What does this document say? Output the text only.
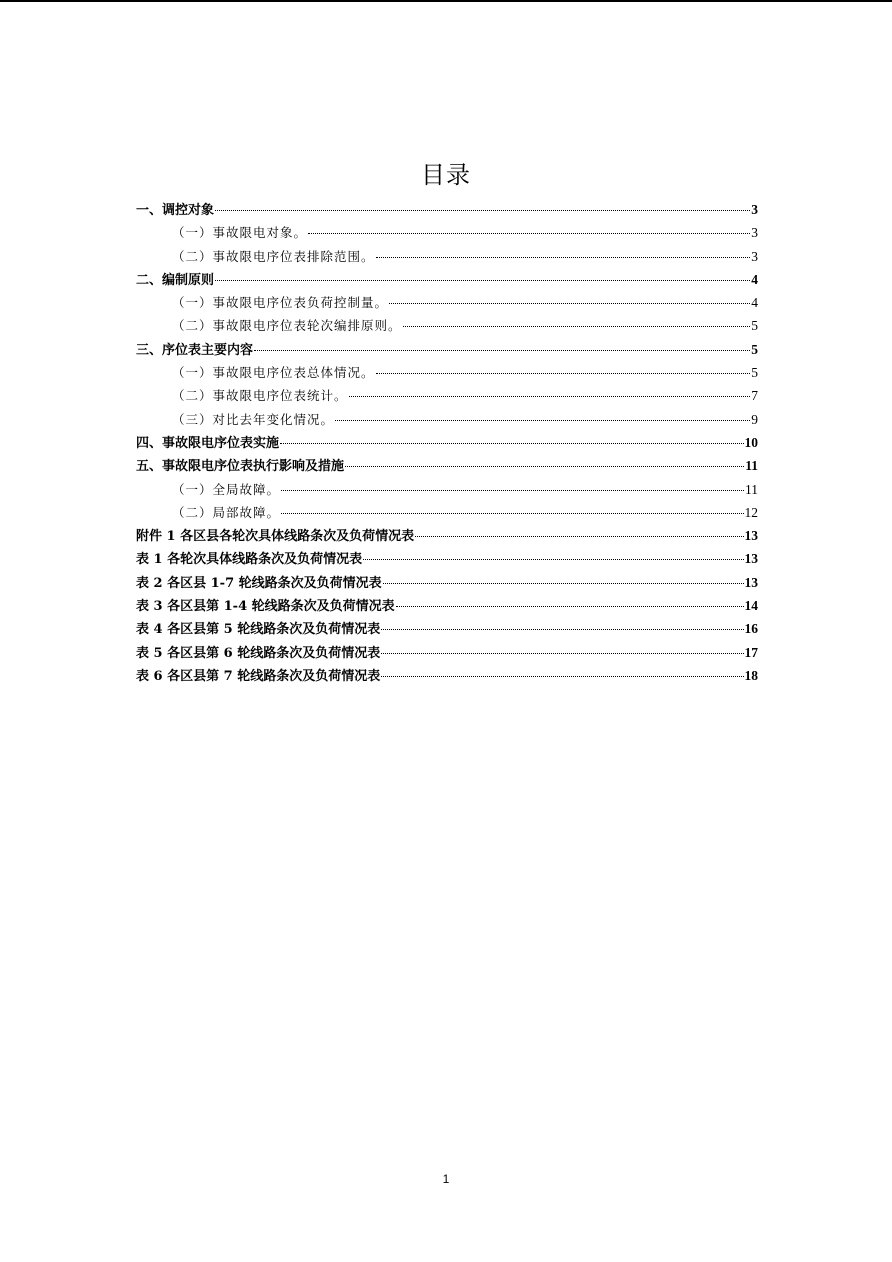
目录
一、调控对象	3
（一）事故限电对象。	3
（二）事故限电序位表排除范围。	3
二、编制原则	4
（一）事故限电序位表负荷控制量。	4
（二）事故限电序位表轮次编排原则。	5
三、序位表主要内容	5
（一）事故限电序位表总体情况。	5
（二）事故限电序位表统计。	7
（三）对比去年变化情况。	9
四、事故限电序位表实施	10
五、事故限电序位表执行影响及措施	11
（一）全局故障。	11
（二）局部故障。	12
附件 1 各区县各轮次具体线路条次及负荷情况表	13
表 1 各轮次具体线路条次及负荷情况表	13
表 2 各区县 1-7 轮线路条次及负荷情况表	13
表 3 各区县第 1-4 轮线路条次及负荷情况表	14
表 4 各区县第 5 轮线路条次及负荷情况表	16
表 5 各区县第 6 轮线路条次及负荷情况表	17
表 6 各区县第 7 轮线路条次及负荷情况表	18
1
